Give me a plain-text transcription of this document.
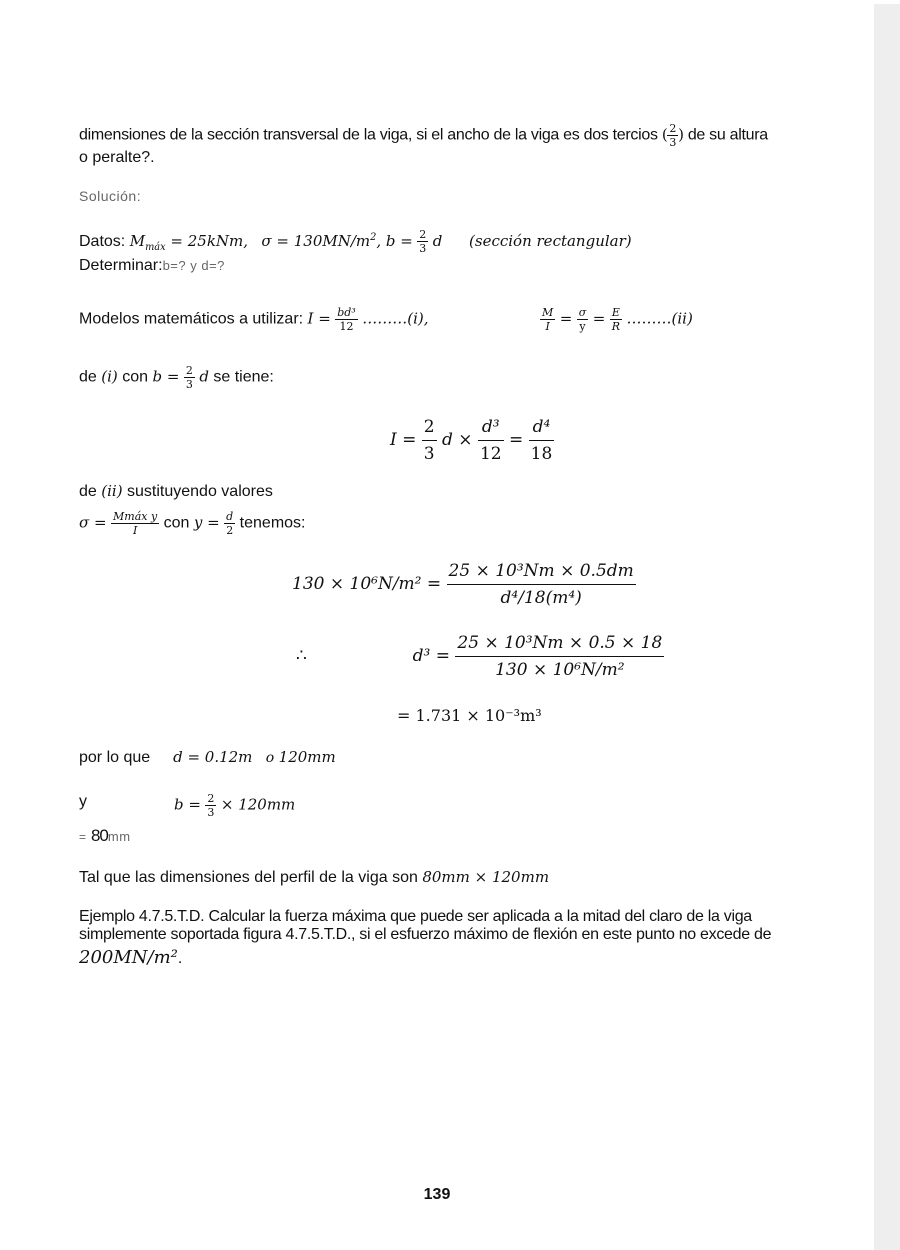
dimensiones de la sección transversal de la viga, si el ancho de la viga es dos tercios ( $\frac{2}{3}$ ) de su altura
o peralte?.
Solución:
Datos: $M_{máx} = 25kNm$, $\sigma = 130MN/m^2$, $b = \frac{2}{3}$ d (sección rectangular)
Determinar:b=? y d=?
Modelos matemáticos a utilizar: $I = \frac{\text{bd³}}{12}$ ………(i),	$\frac{M}{I} = \frac{\sigma}{y} = \frac{E}{R}$ ………(ii)
de (i) con $b = \frac{2}{3}$ d se tiene:
$I = \frac{2}{3}$ $d \times \frac{\text{d³}}{12} = \frac{\text{d⁴}}{18}$
de (ii) sustituyendo valores
$\sigma = \frac{\text{Mmáx y}}{I}$ con $y = \frac{d}{2}$ tenemos:
$130 \times 10^6N/m^2 = \frac{\text{25 × 10³Nm × 0.5dm}}{\text{d⁴/18(m⁴)}}$
∴	$d^3 = \frac{\text{25 × 10³Nm × 0.5 × 18}}{\text{130 × 10⁶N/m²}}$
= 1.731 × 10⁻³m³
por lo que d = 0.12m o 120mm
y	$b = \frac{2}{3} \times 120mm$
= 80mm
Tal que las dimensiones del perfil de la viga son 80mm × 120mm
Ejemplo 4.7.5.T.D. Calcular la fuerza máxima que puede ser aplicada a la mitad del claro de la viga
simplemente soportada figura 4.7.5.T.D., si el esfuerzo máximo de flexión en este punto no excede de
200MN/m².
139
